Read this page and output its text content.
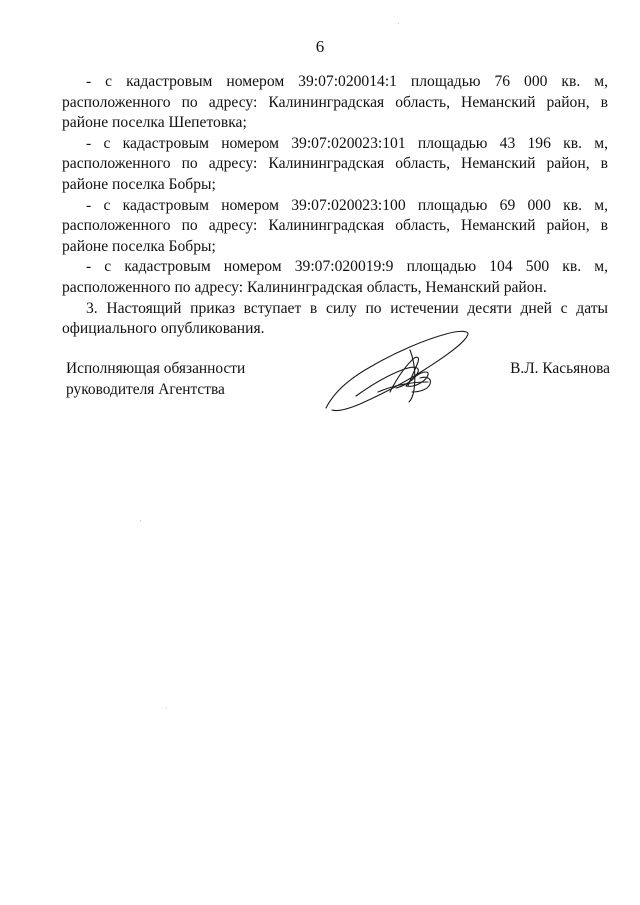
6

- с кадастровым номером 39:07:020014:1 площадью 76 000 кв. м, расположенного по адресу: Калининградская область, Неманский район, в районе поселка Шепетовка;

- с кадастровым номером 39:07:020023:101 площадью 43 196 кв. м, расположенного по адресу: Калининградская область, Неманский район, в районе поселка Бобры;

- с кадастровым номером 39:07:020023:100 площадью 69 000 кв. м, расположенного по адресу: Калининградская область, Неманский район, в районе поселка Бобры;

- с кадастровым номером 39:07:020019:9 площадью 104 500 кв. м, расположенного по адресу: Калининградская область, Неманский район.

3. Настоящий приказ вступает в силу по истечении десяти дней с даты официального опубликования.

Исполняющая обязанности
руководителя Агентства
В.Л. Касьянова
